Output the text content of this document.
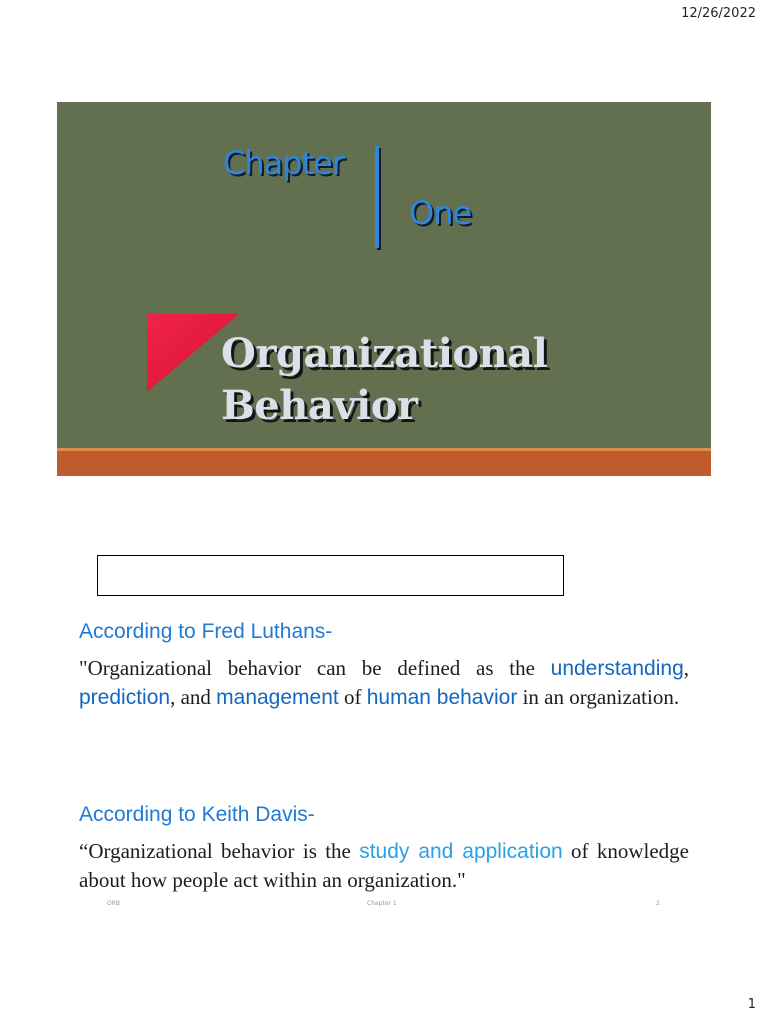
12/26/2022
Chapter
One
Organizational
Behavior
According to Fred Luthans-
"Organizational behavior can be defined as the understanding, prediction, and management of human behavior in an organization.
According to Keith Davis-
“Organizational behavior is the study and application of knowledge about how people act within an organization."
ORB	Chapter 1	2
1
